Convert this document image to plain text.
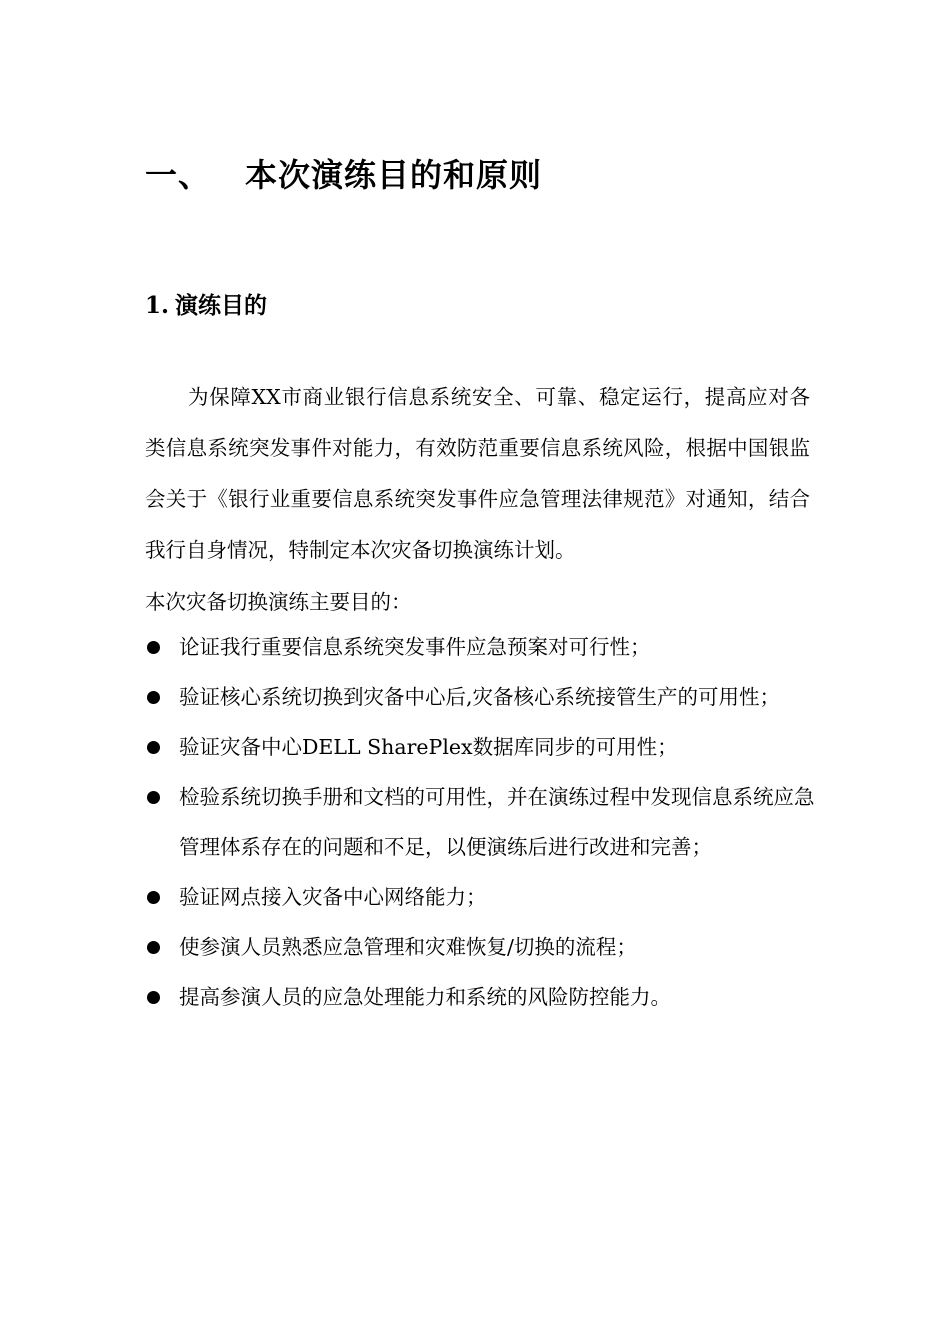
一、 本次演练目的和原则
1. 演练目的

为保障XX市商业银行信息系统安全、可靠、稳定运行，提高应对各类信息系统突发事件对能力，有效防范重要信息系统风险，根据中国银监会关于《银行业重要信息系统突发事件应急管理法律规范》对通知，结合我行自身情况，特制定本次灾备切换演练计划。

本次灾备切换演练主要目的：
论证我行重要信息系统突发事件应急预案对可行性；
验证核心系统切换到灾备中心后,灾备核心系统接管生产的可用性；
验证灾备中心DELL SharePlex数据库同步的可用性；
检验系统切换手册和文档的可用性，并在演练过程中发现信息系统应急管理体系存在的问题和不足，以便演练后进行改进和完善；
验证网点接入灾备中心网络能力；
使参演人员熟悉应急管理和灾难恢复/切换的流程；
提高参演人员的应急处理能力和系统的风险防控能力。
